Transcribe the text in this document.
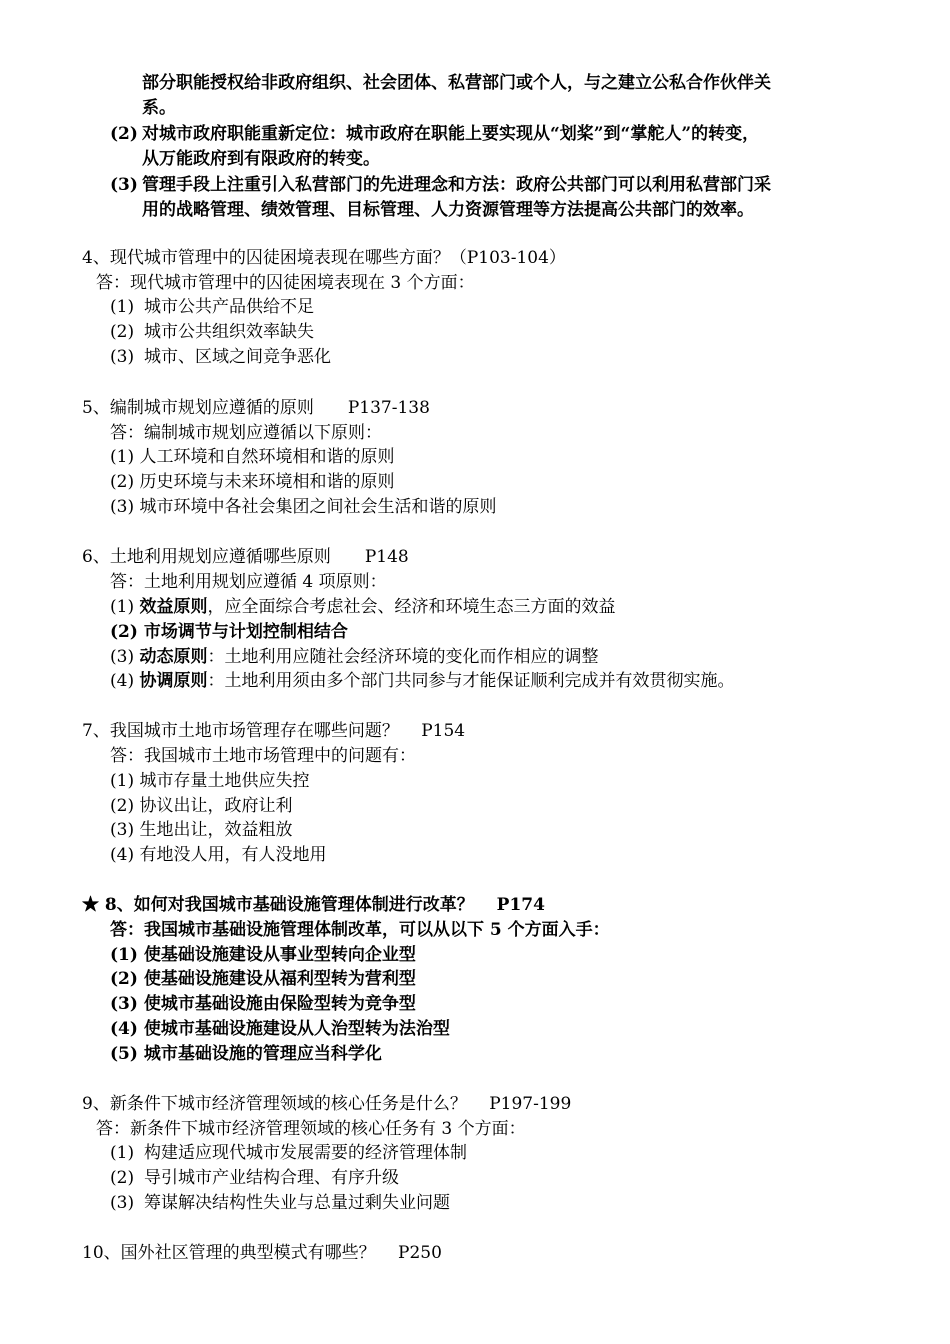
部分职能授权给非政府组织、社会团体、私营部门或个人，与之建立公私合作伙伴关
系。
(2) 对城市政府职能重新定位：城市政府在职能上要实现从“划桨”到“掌舵人”的转变，
从万能政府到有限政府的转变。
(3) 管理手段上注重引入私营部门的先进理念和方法：政府公共部门可以利用私营部门采
用的战略管理、绩效管理、目标管理、人力资源管理等方法提高公共部门的效率。
4、现代城市管理中的囚徒困境表现在哪些方面？（P103-104）
答：现代城市管理中的囚徒困境表现在 3 个方面：
(1) 城市公共产品供给不足
(2) 城市公共组织效率缺失
(3) 城市、区域之间竞争恶化
5、编制城市规划应遵循的原则　　P137-138
答：编制城市规划应遵循以下原则：
(1) 人工环境和自然环境相和谐的原则
(2) 历史环境与未来环境相和谐的原则
(3) 城市环境中各社会集团之间社会生活和谐的原则
6、土地利用规划应遵循哪些原则　　P148
答：土地利用规划应遵循 4 项原则：
(1) 效益原则，应全面综合考虑社会、经济和环境生态三方面的效益
(2) 市场调节与计划控制相结合
(3) 动态原则：土地利用应随社会经济环境的变化而作相应的调整
(4) 协调原则：土地利用须由多个部门共同参与才能保证顺利完成并有效贯彻实施。
7、我国城市土地市场管理存在哪些问题？　 P154
答：我国城市土地市场管理中的问题有：
(1) 城市存量土地供应失控
(2) 协议出让，政府让利
(3) 生地出让，效益粗放
(4) 有地没人用，有人没地用
★ 8、如何对我国城市基础设施管理体制进行改革？　 P174
答：我国城市基础设施管理体制改革，可以从以下 5 个方面入手：
(1) 使基础设施建设从事业型转向企业型
(2) 使基础设施建设从福利型转为营利型
(3) 使城市基础设施由保险型转为竞争型
(4) 使城市基础设施建设从人治型转为法治型
(5) 城市基础设施的管理应当科学化
9、新条件下城市经济管理领域的核心任务是什么？　 P197-199
答：新条件下城市经济管理领域的核心任务有 3 个方面：
(1) 构建适应现代城市发展需要的经济管理体制
(2) 导引城市产业结构合理、有序升级
(3) 筹谋解决结构性失业与总量过剩失业问题
10、国外社区管理的典型模式有哪些？　 P250
